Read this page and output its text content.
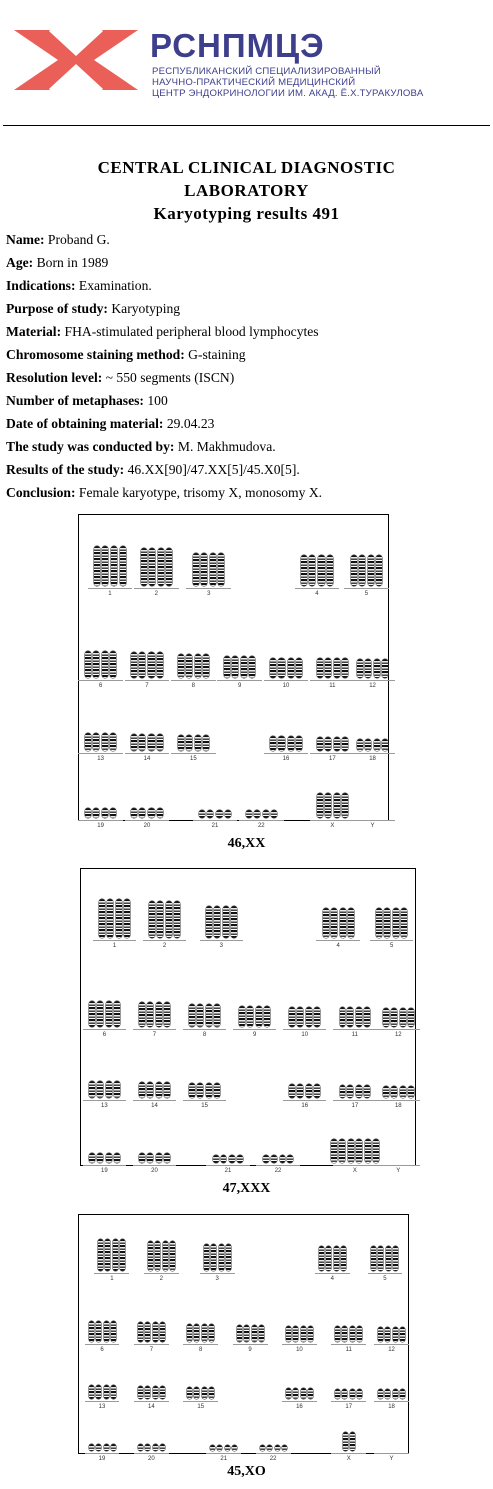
РСНПМЦЭ
РЕСПУБЛИКАНСКИЙ СПЕЦИАЛИЗИРОВАННЫЙ
НАУЧНО-ПРАКТИЧЕСКИЙ МЕДИЦИНСКИЙ
ЦЕНТР ЭНДОКРИНОЛОГИИ ИМ. АКАД. Ё.Х.ТУРАКУЛОВА
CENTRAL CLINICAL DIAGNOSTIC
LABORATORY
Karyotyping results 491
Name: Proband G.
Age: Born in 1989
Indications: Examination.
Purpose of study: Karyotyping
Material: FHA-stimulated peripheral blood lymphocytes
Chromosome staining method: G-staining
Resolution level: ~ 550 segments (ISCN)
Number of metaphases: 100
Date of obtaining material: 29.04.23
The study was conducted by: M. Makhmudova.
Results of the study: 46.XX[90]/47.XX[5]/45.X0[5].
Conclusion: Female karyotype, trisomy X, monosomy X.
1	2	3	4	5
6	7	8	9	10	11	12
13	14	15	16	17	18
19	20	21	22	X	Y
46,XX
1	2	3	4	5
6	7	8	9	10	11	12
13	14	15	16	17	18
19	20	21	22	X	Y
47,XXX
1	2	3	4	5
6	7	8	9	10	11	12
13	14	15	16	17	18
19	20	21	22	X	Y
45,XO
